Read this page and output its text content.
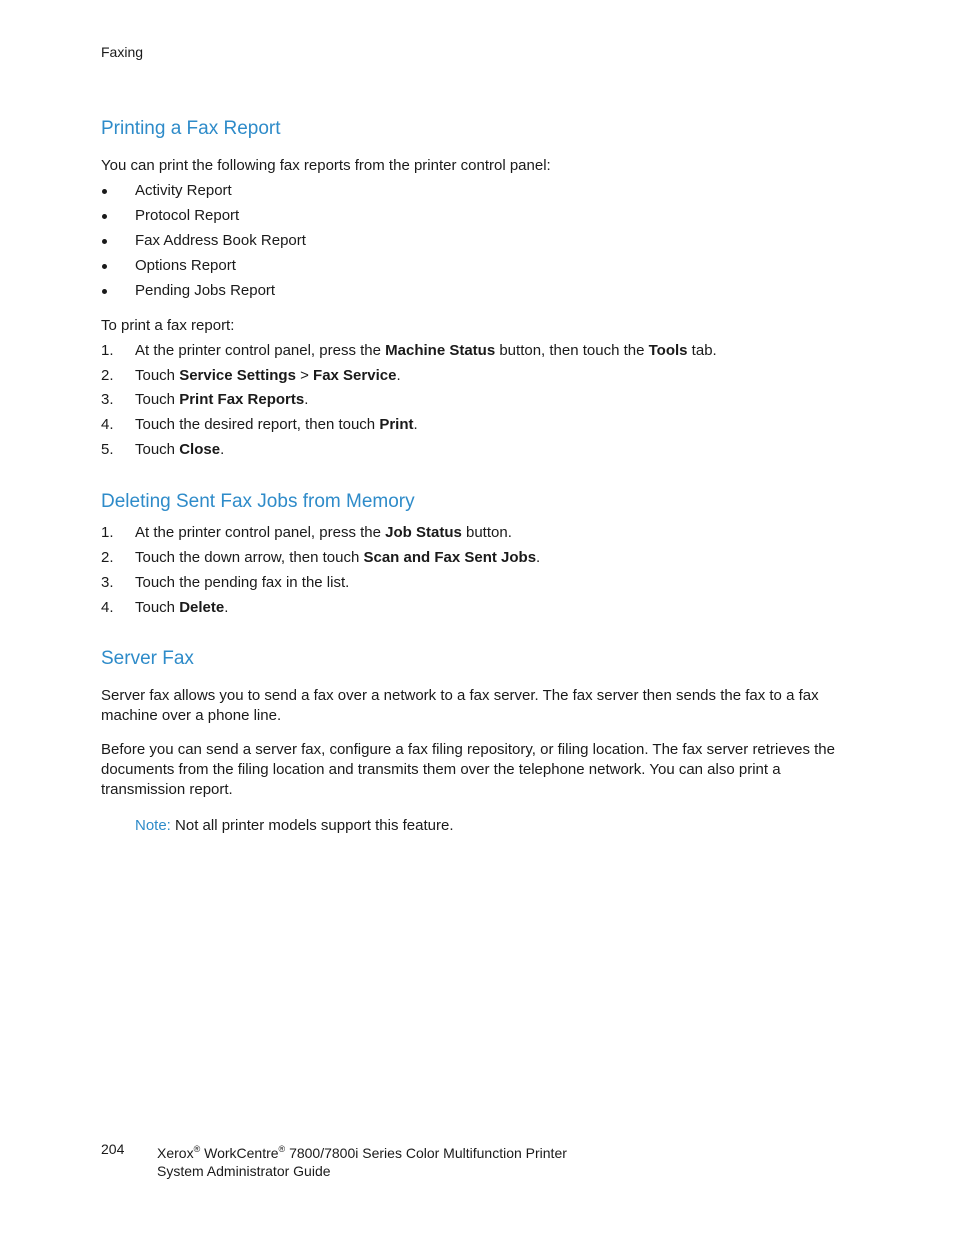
Faxing
Printing a Fax Report

You can print the following fax reports from the printer control panel:

Activity Report
Protocol Report
Fax Address Book Report
Options Report
Pending Jobs Report

To print a fax report:

1. At the printer control panel, press the Machine Status button, then touch the Tools tab.
2. Touch Service Settings > Fax Service.
3. Touch Print Fax Reports.
4. Touch the desired report, then touch Print.
5. Touch Close.
Deleting Sent Fax Jobs from Memory
1. At the printer control panel, press the Job Status button.
2. Touch the down arrow, then touch Scan and Fax Sent Jobs.
3. Touch the pending fax in the list.
4. Touch Delete.
Server Fax

Server fax allows you to send a fax over a network to a fax server. The fax server then sends the fax to a fax machine over a phone line.

Before you can send a server fax, configure a fax filing repository, or filing location. The fax server retrieves the documents from the filing location and transmits them over the telephone network. You can also print a transmission report.

Note: Not all printer models support this feature.
204 Xerox® WorkCentre® 7800/7800i Series Color Multifunction Printer
System Administrator Guide
